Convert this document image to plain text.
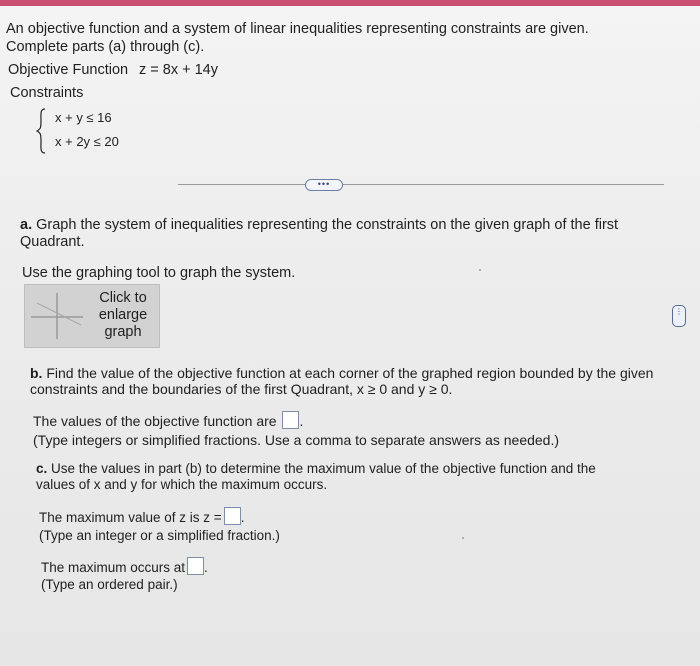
An objective function and a system of linear inequalities representing constraints are given.
Complete parts (a) through (c).
Objective Function z = 8x + 14y
Constraints
x + y ≤ 16
x + 2y ≤ 20
•••
a. Graph the system of inequalities representing the constraints on the given graph of the first
Quadrant.
Use the graphing tool to graph the system.
Click to
enlarge
graph
b. Find the value of the objective function at each corner of the graphed region bounded by the given
constraints and the boundaries of the first Quadrant, x ≥ 0 and y ≥ 0.
The values of the objective function are .
(Type integers or simplified fractions. Use a comma to separate answers as needed.)
c. Use the values in part (b) to determine the maximum value of the objective function and the
values of x and y for which the maximum occurs.
The maximum value of z is z = .
(Type an integer or a simplified fraction.)
The maximum occurs at .
(Type an ordered pair.)
⋮
